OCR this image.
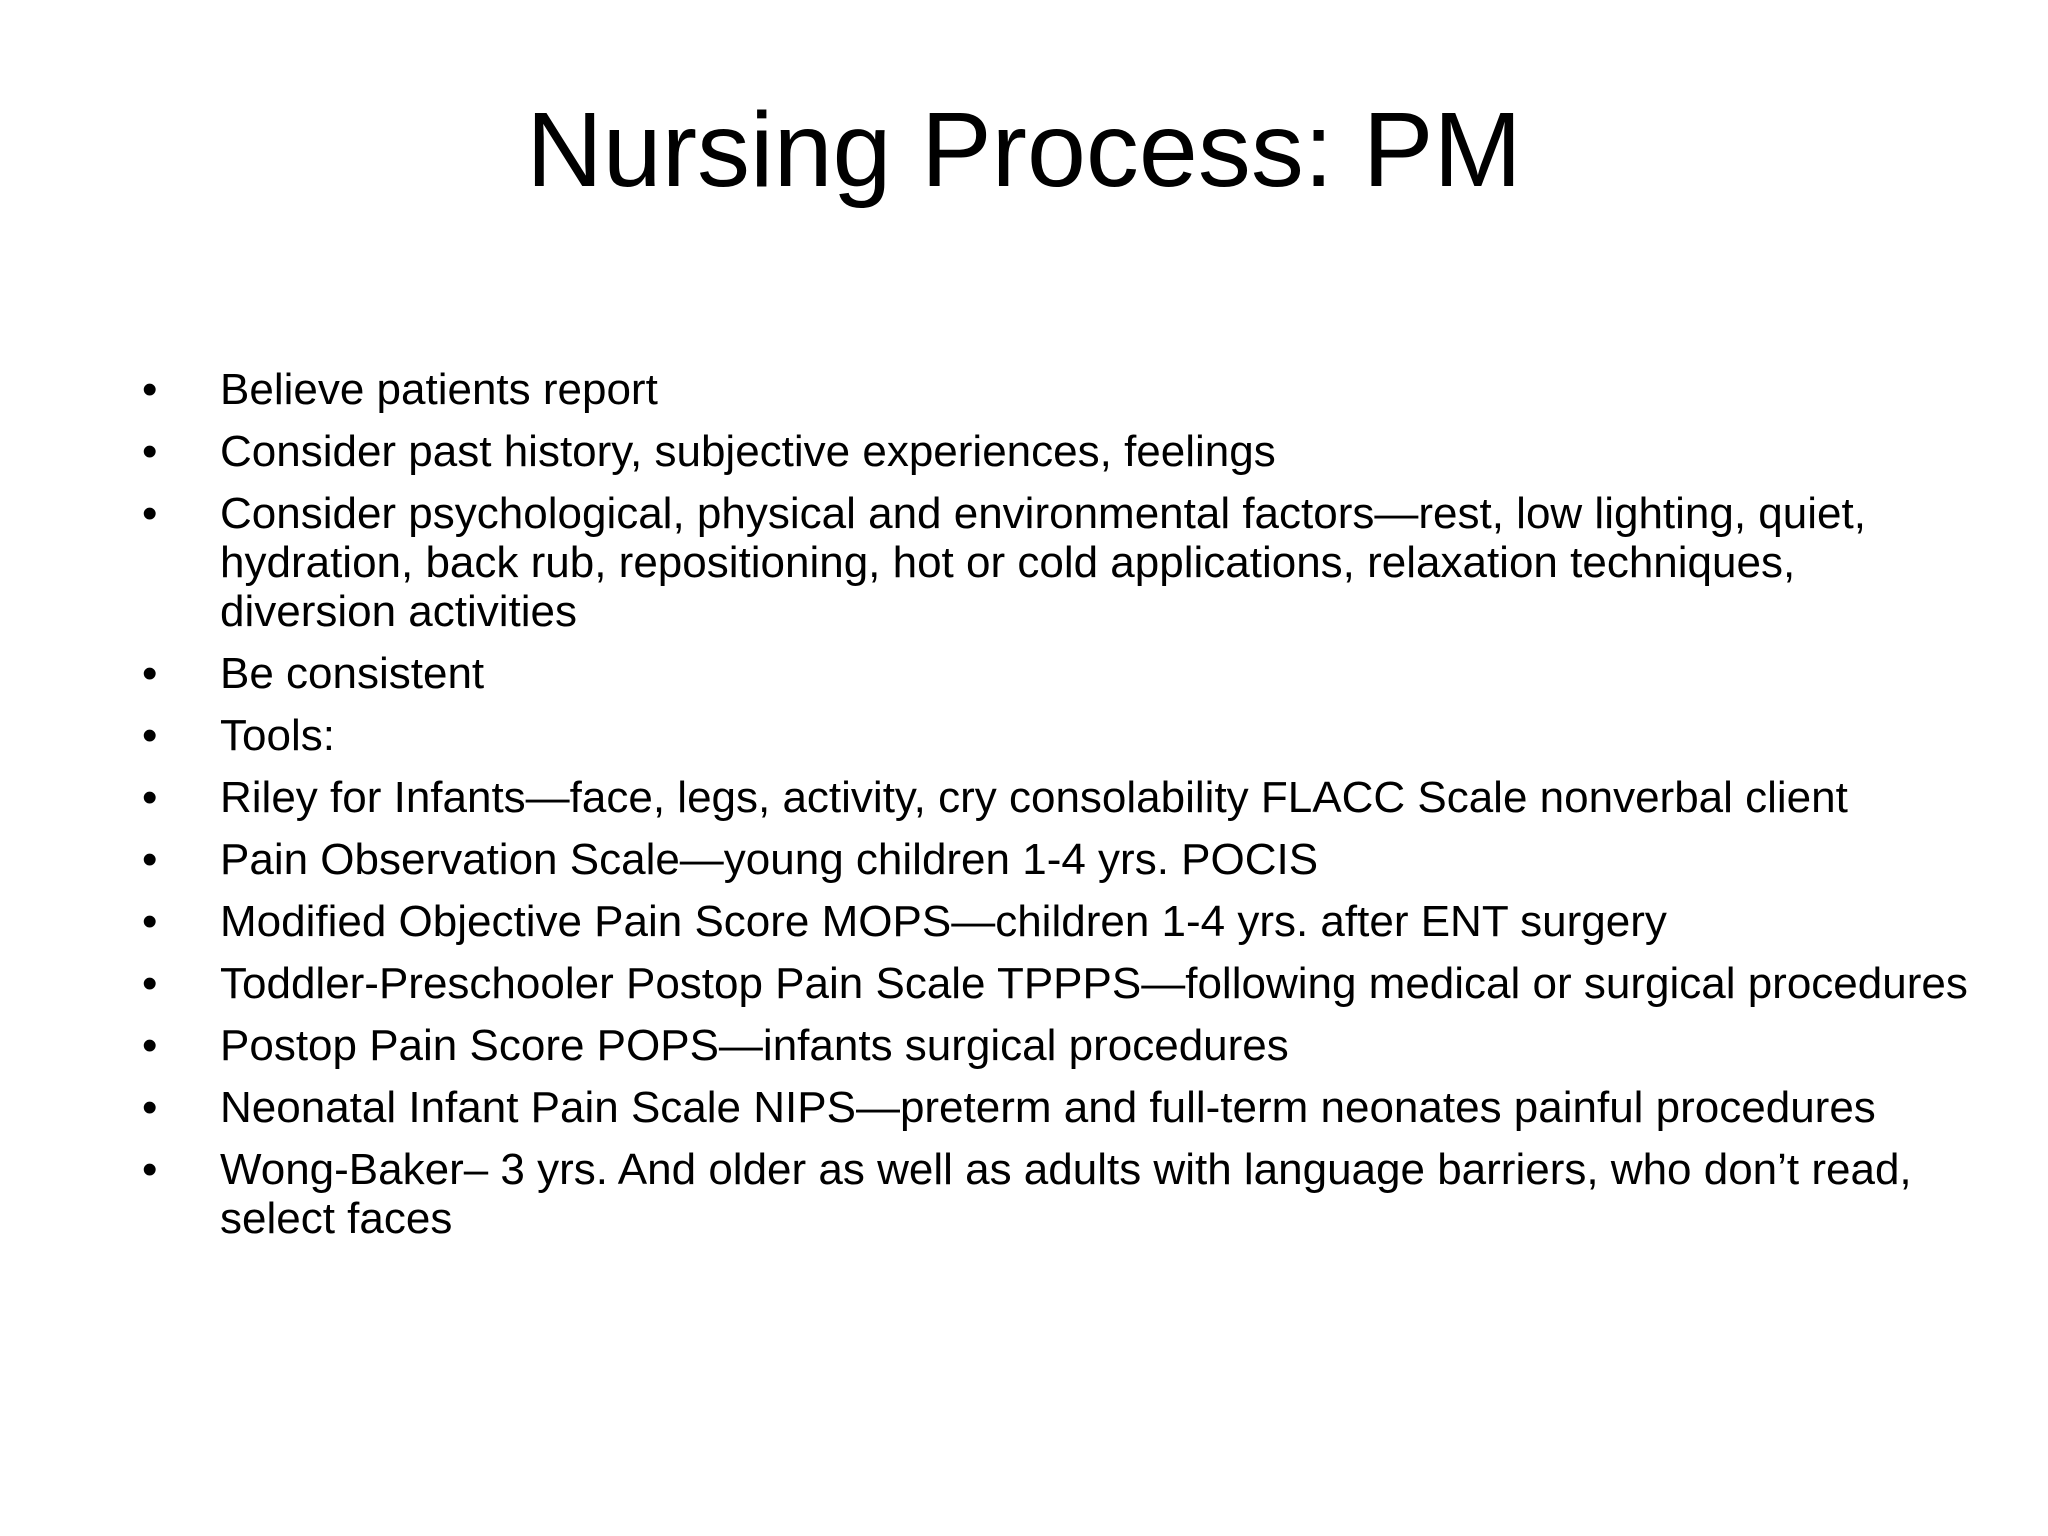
Nursing Process: PM
• Believe patients report
• Consider past history, subjective experiences, feelings
• Consider psychological, physical and environmental factors—rest, low lighting, quiet, hydration, back rub, repositioning, hot or cold applications, relaxation techniques, diversion activities
• Be consistent
• Tools:
• Riley for Infants—face, legs, activity, cry consolability FLACC Scale nonverbal client
• Pain Observation Scale—young children 1-4 yrs. POCIS
• Modified Objective Pain Score MOPS—children 1-4 yrs. after ENT surgery
• Toddler-Preschooler Postop Pain Scale TPPPS—following medical or surgical procedures
• Postop Pain Score POPS—infants surgical procedures
• Neonatal Infant Pain Scale NIPS—preterm and full-term neonates painful procedures
• Wong-Baker– 3 yrs. And older as well as adults with language barriers, who don’t read, select faces
